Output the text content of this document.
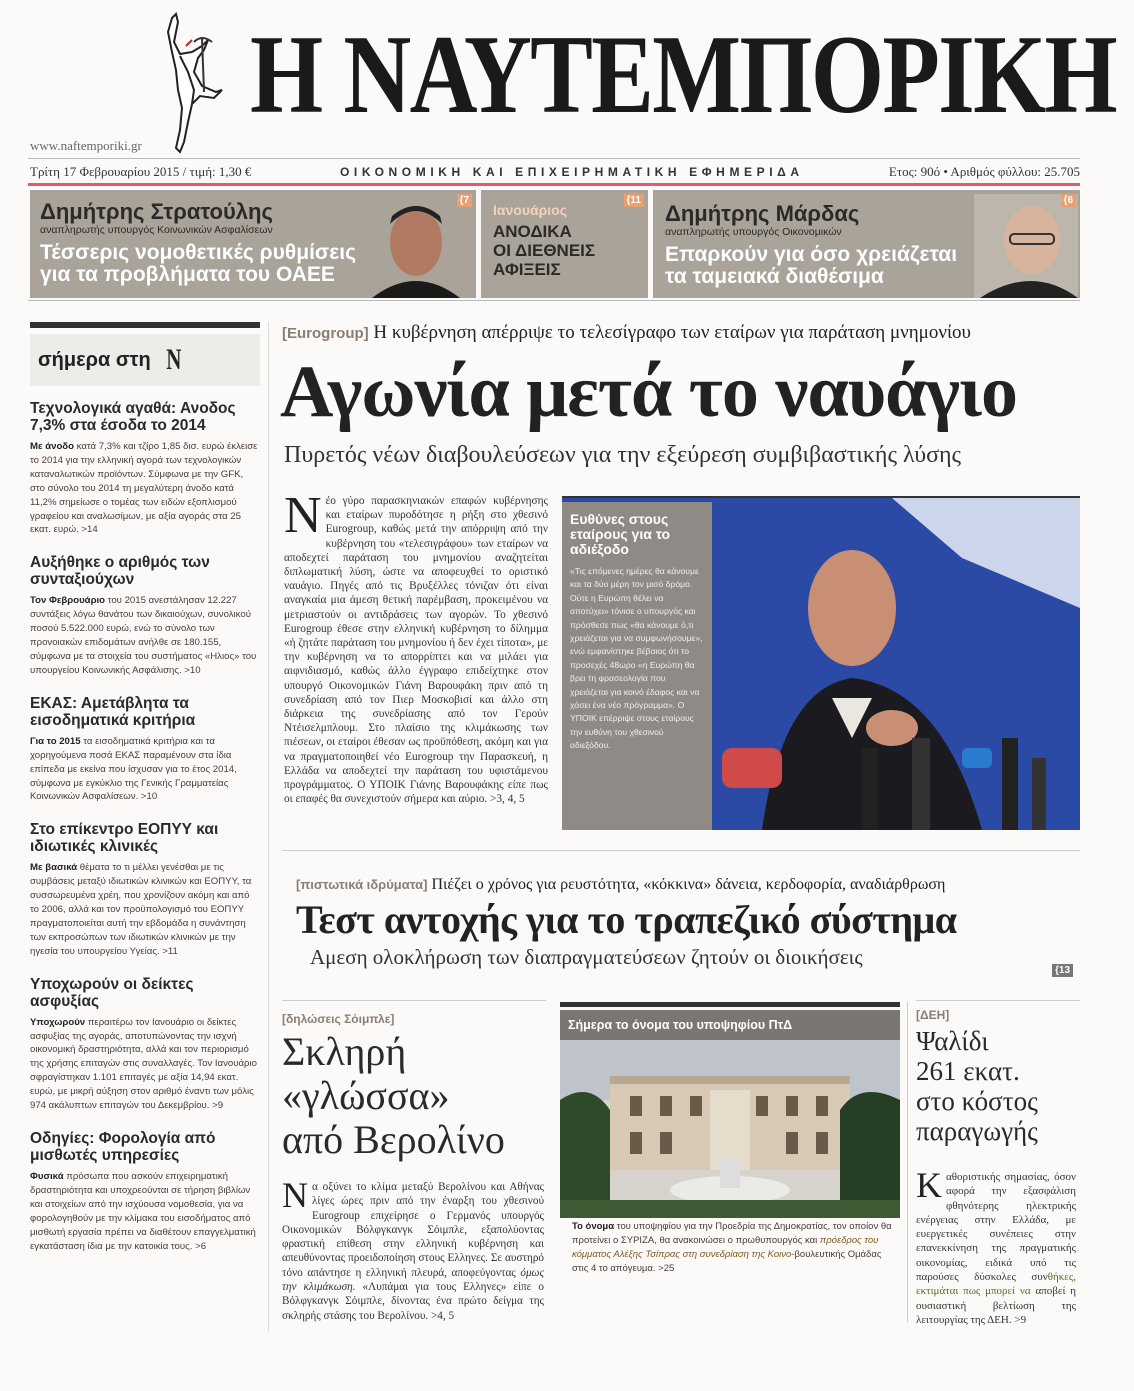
Η ΝΑΥΤΕΜΠΟΡΙΚΗ
www.naftemporiki.gr
Τρίτη 17 Φεβρουαρίου 2015 / τιμή: 1,30 €	ΟΙΚΟΝΟΜΙΚΗ ΚΑΙ ΕΠΙΧΕΙΡΗΜΑΤΙΚΗ ΕΦΗΜΕΡΙΔΑ	Ετος: 90ό • Αριθμός φύλλου: 25.705
Δημήτρης Στρατούλης
αναπληρωτής υπουργός Κοινωνικών Ασφαλίσεων
Τέσσερις νομοθετικές ρυθμίσεις
για τα προβλήματα του ΟΑΕΕ
{7
Ιανουάριος
ΑΝΟΔΙΚΑ
ΟΙ ΔΙΕΘΝΕΙΣ
ΑΦΙΞΕΙΣ
{11
Δημήτρης Μάρδας
αναπληρωτής υπουργός Οικονομικών
Επαρκούν για όσο χρειάζεται
τα ταμειακά διαθέσιμα
{6
σήμερα στη Ν
Τεχνολογικά αγαθά: Ανοδος 7,3% στα έσοδα το 2014

Με άνοδο κατά 7,3% και τζίρο 1,85 δισ. ευρώ έκλεισε το 2014 για την ελληνική αγορά των τεχνολογικών καταναλωτικών προϊόντων. Σύμφωνα με την GFK, στο σύνολο του 2014 τη μεγαλύτερη άνοδο κατά 11,2% σημείωσε ο τομέας των ειδών εξοπλισμού γραφείου και αναλωσίμων, με αξία αγοράς στα 25 εκατ. ευρώ. >14

Αυξήθηκε ο αριθμός των συνταξιούχων

Τον Φεβρουάριο του 2015 ανεστάλησαν 12.227 συντάξεις λόγω θανάτου των δικαιούχων, συνολικού ποσού 5.522.000 ευρώ, ενώ το σύνολο των προνοιακών επιδομάτων ανήλθε σε 180.155, σύμφωνα με τα στοιχεία του συστήματος «Ηλιος» του υπουργείου Κοινωνικής Ασφάλισης. >10

ΕΚΑΣ: Αμετάβλητα τα εισοδηματικά κριτήρια

Για το 2015 τα εισοδηματικά κριτήρια και τα χορηγούμενα ποσά ΕΚΑΣ παραμένουν στα ίδια επίπεδα με εκείνα που ίσχυσαν για το έτος 2014, σύμφωνα με εγκύκλιο της Γενικής Γραμματείας Κοινωνικών Ασφαλίσεων. >10

Στο επίκεντρο ΕΟΠΥΥ και ιδιωτικές κλινικές

Με βασικά θέματα το τι μέλλει γενέσθαι με τις συμβάσεις μεταξύ ιδιωτικών κλινικών και ΕΟΠΥΥ, τα συσσωρευμένα χρέη, που χρονίζουν ακόμη και από το 2006, αλλά και τον προϋπολογισμό του ΕΟΠΥΥ πραγματοποιείται αυτή την εβδομάδα η συνάντηση των εκπροσώπων των ιδιωτικών κλινικών με την ηγεσία του υπουργείου Υγείας. >11

Υποχωρούν οι δείκτες ασφυξίας

Υποχωρούν περαιτέρω τον Ιανουάριο οι δείκτες ασφυξίας της αγοράς, αποτυπώνοντας την ισχνή οικονομική δραστηριότητα, αλλά και τον περιορισμό της χρήσης επιταγών στις συναλλαγές. Τον Ιανουάριο σφραγίστηκαν 1.101 επιταγές με αξία 14,94 εκατ. ευρώ, με μικρή αύξηση στον αριθμό έναντι των μόλις 974 ακάλυπτων επιταγών του Δεκεμβρίου. >9

Οδηγίες: Φορολογία από μισθωτές υπηρεσίες

Φυσικά πρόσωπα που ασκούν επιχειρηματική δραστηριότητα και υποχρεούνται σε τήρηση βιβλίων και στοιχείων από την ισχύουσα νομοθεσία, για να φορολογηθούν με την κλίμακα του εισοδήματος από μισθωτή εργασία πρέπει να διαθέτουν επαγγελματική εγκατάσταση ίδια με την κατοικία τους. >6

[Eurogroup] Η κυβέρνηση απέρριψε το τελεσίγραφο των εταίρων για παράταση μνημονίου
Αγωνία μετά το ναυάγιο
Πυρετός νέων διαβουλεύσεων για την εξεύρεση συμβιβαστικής λύσης
Νέο γύρο παρασκηνιακών επαφών κυβέρνησης και εταίρων πυροδότησε η ρήξη στο χθεσινό Eurogroup, καθώς μετά την απόρριψη από την κυβέρνηση του «τελεσιγράφου» των εταίρων να αποδεχτεί παράταση του μνημονίου αναζητείται διπλωματική λύση, ώστε να αποφευχθεί το οριστικό ναυάγιο. Πηγές από τις Βρυξέλλες τόνιζαν ότι είναι αναγκαία μια άμεση θετική παρέμβαση, προκειμένου να μετριαστούν οι αντιδράσεις των αγορών. Το χθεσινό Eurogroup έθεσε στην ελληνική κυβέρνηση το δίλημμα «ή ζητάτε παράταση του μνημονίου ή δεν έχει τίποτα», με την κυβέρνηση να το απορρίπτει και να μιλάει για αιφνιδιασμό, καθώς άλλο έγγραφο επιδείχτηκε στον υπουργό Οικονομικών Γιάνη Βαρουφάκη πριν από τη συνεδρίαση από τον Πιερ Μοσκοβισί και άλλο στη διάρκεια της συνεδρίασης από τον Γερούν Ντέισελμπλουμ. Στο πλαίσιο της κλιμάκωσης των πιέσεων, οι εταίροι έθεσαν ως προϋπόθεση, ακόμη και για να πραγματοποιηθεί νέο Eurogroup την Παρασκευή, η Ελλάδα να αποδεχτεί την παράταση του υφιστάμενου προγράμματος. Ο ΥΠΟΙΚ Γιάνης Βαρουφάκης είπε πως οι επαφές θα συνεχιστούν σήμερα και αύριο. >3, 4, 5
Ευθύνες στους εταίρους για το αδιέξοδο

«Τις επόμενες ημέρες θα κάνουμε και τα δύο μέρη τον μισό δρόμο. Ούτε η Ευρώπη θέλει να αποτύχει» τόνισε ο υπουργός και πρόσθεσε πως «θα κάνουμε ό,τι χρειάζεται για να συμφωνήσουμε», ενώ εμφανίστηκε βέβαιος ότι το προσεχές 48ωρο «η Ευρώπη θα βρει τη φρασεολογία που χρειάζεται για κοινό έδαφος και να χάσει ένα νέο πρόγραμμα». Ο ΥΠΟΙΚ επέρριψε στους εταίρους την ευθύνη του χθεσινού αδιεξόδου.

[πιστωτικά ιδρύματα] Πιέζει ο χρόνος για ρευστότητα, «κόκκινα» δάνεια, κερδοφορία, αναδιάρθρωση
Τεστ αντοχής για το τραπεζικό σύστημα
Αμεση ολοκλήρωση των διαπραγματεύσεων ζητούν οι διοικήσεις
{13
[δηλώσεις Σόιμπλε]
Σκληρή
«γλώσσα»
από Βερολίνο
Να οξύνει το κλίμα μεταξύ Βερολίνου και Αθήνας λίγες ώρες πριν από την έναρξη του χθεσινού Eurogroup επιχείρησε ο Γερμανός υπουργός Οικονομικών Βόλφγκανγκ Σόιμπλε, εξαπολύοντας φραστική επίθεση στην ελληνική κυβέρνηση και απευθύνοντας προειδοποίηση στους Ελληνες. Σε αυστηρό τόνο απάντησε η ελληνική πλευρά, αποφεύγοντας όμως την κλιμάκωση. «Λυπάμαι για τους Ελληνες» είπε ο Βόλφγκανγκ Σόιμπλε, δίνοντας ένα πρώτο δείγμα της σκληρής στάσης του Βερολίνου. >4, 5
Σήμερα το όνομα του υποψηφίου ΠτΔ
Το όνομα του υποψηφίου για την Προεδρία της Δημοκρατίας, τον οποίον θα προτείνει ο ΣΥΡΙΖΑ, θα ανακοινώσει ο πρωθυπουργός και πρόεδρος του κόμματος Αλέξης Τσίπρας στη συνεδρίαση της Κοινο-βουλευτικής Ομάδας στις 4 το απόγευμα. >25
[ΔΕΗ]
Ψαλίδι
261 εκατ.
στο κόστος
παραγωγής
Καθοριστικής σημασίας, όσον αφορά την εξασφάλιση φθηνότερης ηλεκτρικής ενέργειας στην Ελλάδα, με ευεργετικές συνέπειες στην επανεκκίνηση της πραγματικής οικονομίας, ειδικά υπό τις παρούσες δύσκολες συνθήκες, εκτιμάται πως μπορεί να αποβεί η ουσιαστική βελτίωση της λειτουργίας της ΔΕΗ. >9
